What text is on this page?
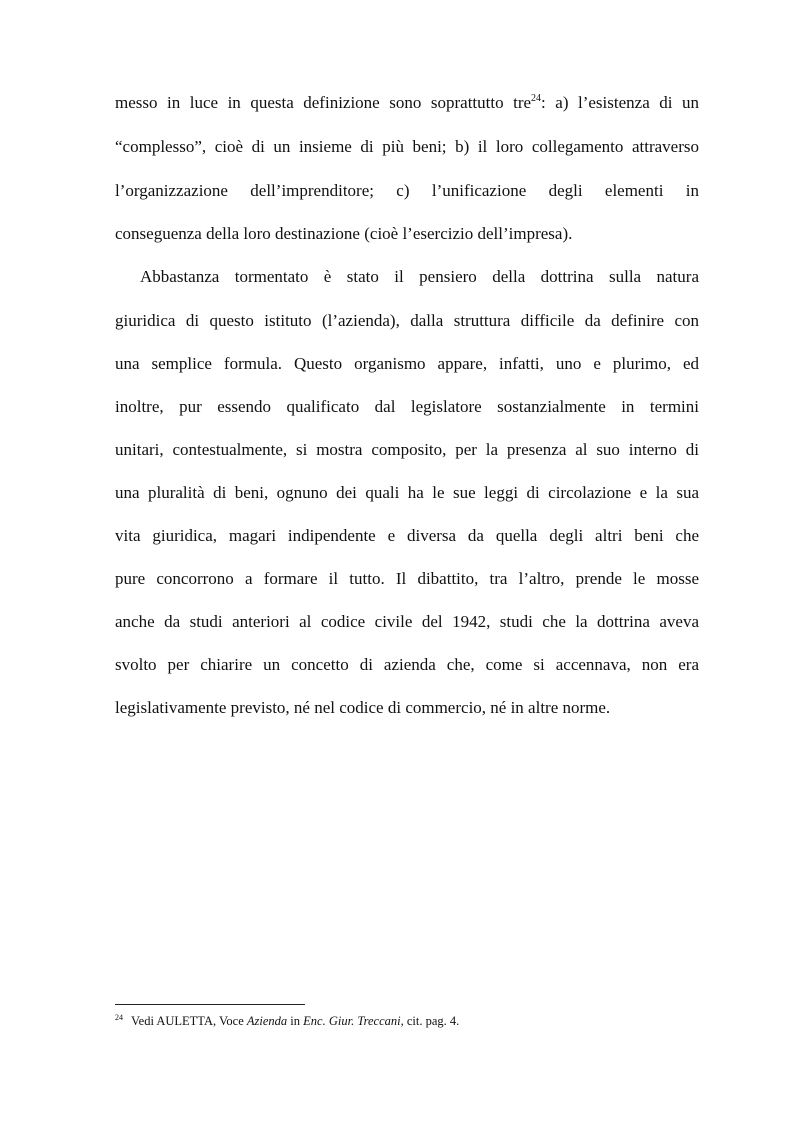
messo in luce in questa definizione sono soprattutto tre$^{24}$: a) l’esistenza di un
“complesso”, cioè di un insieme di più beni; b) il loro collegamento attraverso
l’organizzazione dell’imprenditore; c) l’unificazione degli elementi in
conseguenza della loro destinazione (cioè l’esercizio dell’impresa).
Abbastanza tormentato è stato il pensiero della dottrina sulla natura
giuridica di questo istituto (l’azienda), dalla struttura difficile da definire con
una semplice formula. Questo organismo appare, infatti, uno e plurimo, ed
inoltre, pur essendo qualificato dal legislatore sostanzialmente in termini
unitari, contestualmente, si mostra composito, per la presenza al suo interno di
una pluralità di beni, ognuno dei quali ha le sue leggi di circolazione e la sua
vita giuridica, magari indipendente e diversa da quella degli altri beni che
pure concorrono a formare il tutto. Il dibattito, tra l’altro, prende le mosse
anche da studi anteriori al codice civile del 1942, studi che la dottrina aveva
svolto per chiarire un concetto di azienda che, come si accennava, non era
legislativamente previsto, né nel codice di commercio, né in altre norme.
$^{24}$ Vedi AULETTA, Voce Azienda in Enc. Giur. Treccani, cit. pag. 4.
